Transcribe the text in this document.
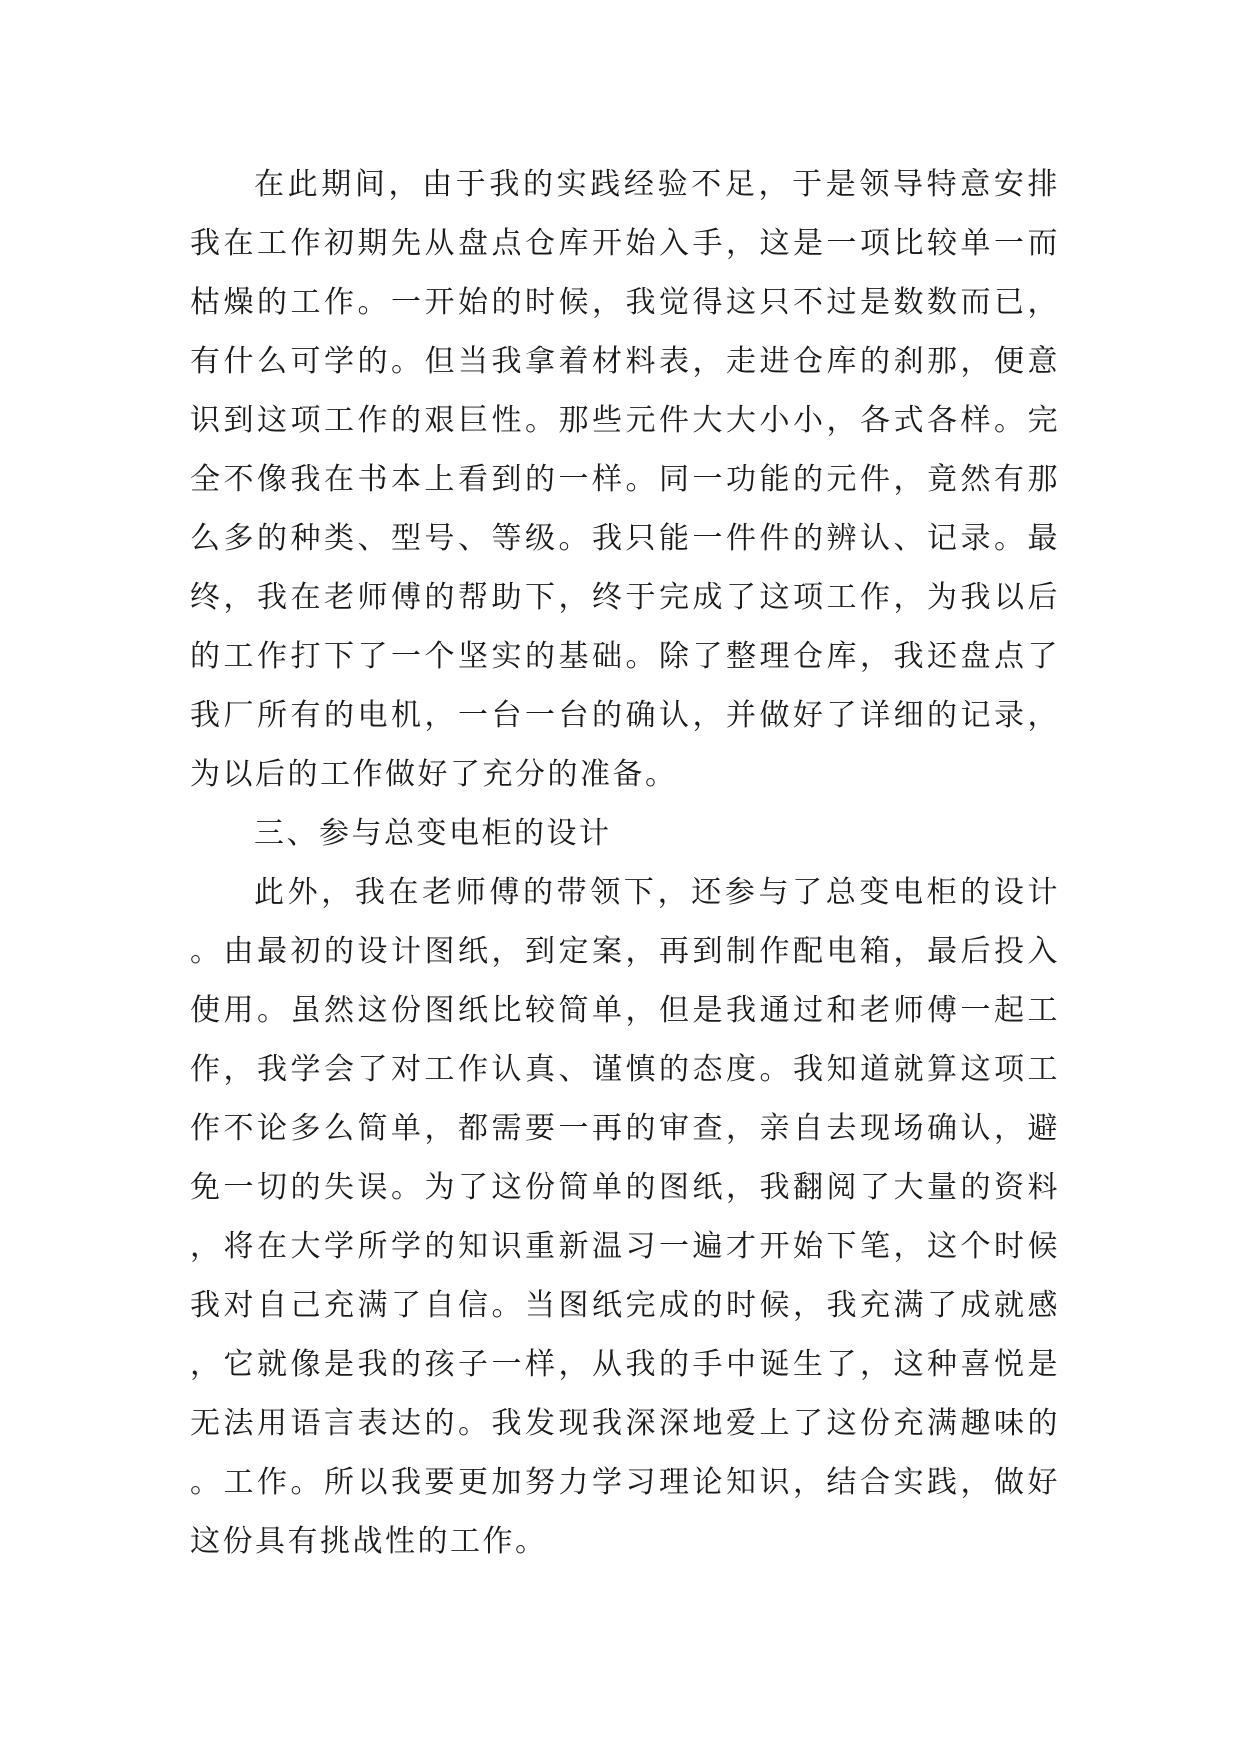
在此期间，由于我的实践经验不足，于是领导特意安排我在工作初期先从盘点仓库开始入手，这是一项比较单一而枯燥的工作。一开始的时候，我觉得这只不过是数数而已，有什么可学的。但当我拿着材料表，走进仓库的刹那，便意识到这项工作的艰巨性。那些元件大大小小，各式各样。完全不像我在书本上看到的一样。同一功能的元件，竟然有那么多的种类、型号、等级。我只能一件件的辨认、记录。最终，我在老师傅的帮助下，终于完成了这项工作，为我以后的工作打下了一个坚实的基础。除了整理仓库，我还盘点了我厂所有的电机，一台一台的确认，并做好了详细的记录，为以后的工作做好了充分的准备。

三、参与总变电柜的设计

此外，我在老师傅的带领下，还参与了总变电柜的设计。由最初的设计图纸，到定案，再到制作配电箱，最后投入使用。虽然这份图纸比较简单，但是我通过和老师傅一起工作，我学会了对工作认真、谨慎的态度。我知道就算这项工作不论多么简单，都需要一再的审查，亲自去现场确认，避免一切的失误。为了这份简单的图纸，我翻阅了大量的资料，将在大学所学的知识重新温习一遍才开始下笔，这个时候我对自己充满了自信。当图纸完成的时候，我充满了成就感，它就像是我的孩子一样，从我的手中诞生了，这种喜悦是无法用语言表达的。我发现我深深地爱上了这份充满趣味的。工作。所以我要更加努力学习理论知识，结合实践，做好这份具有挑战性的工作。
